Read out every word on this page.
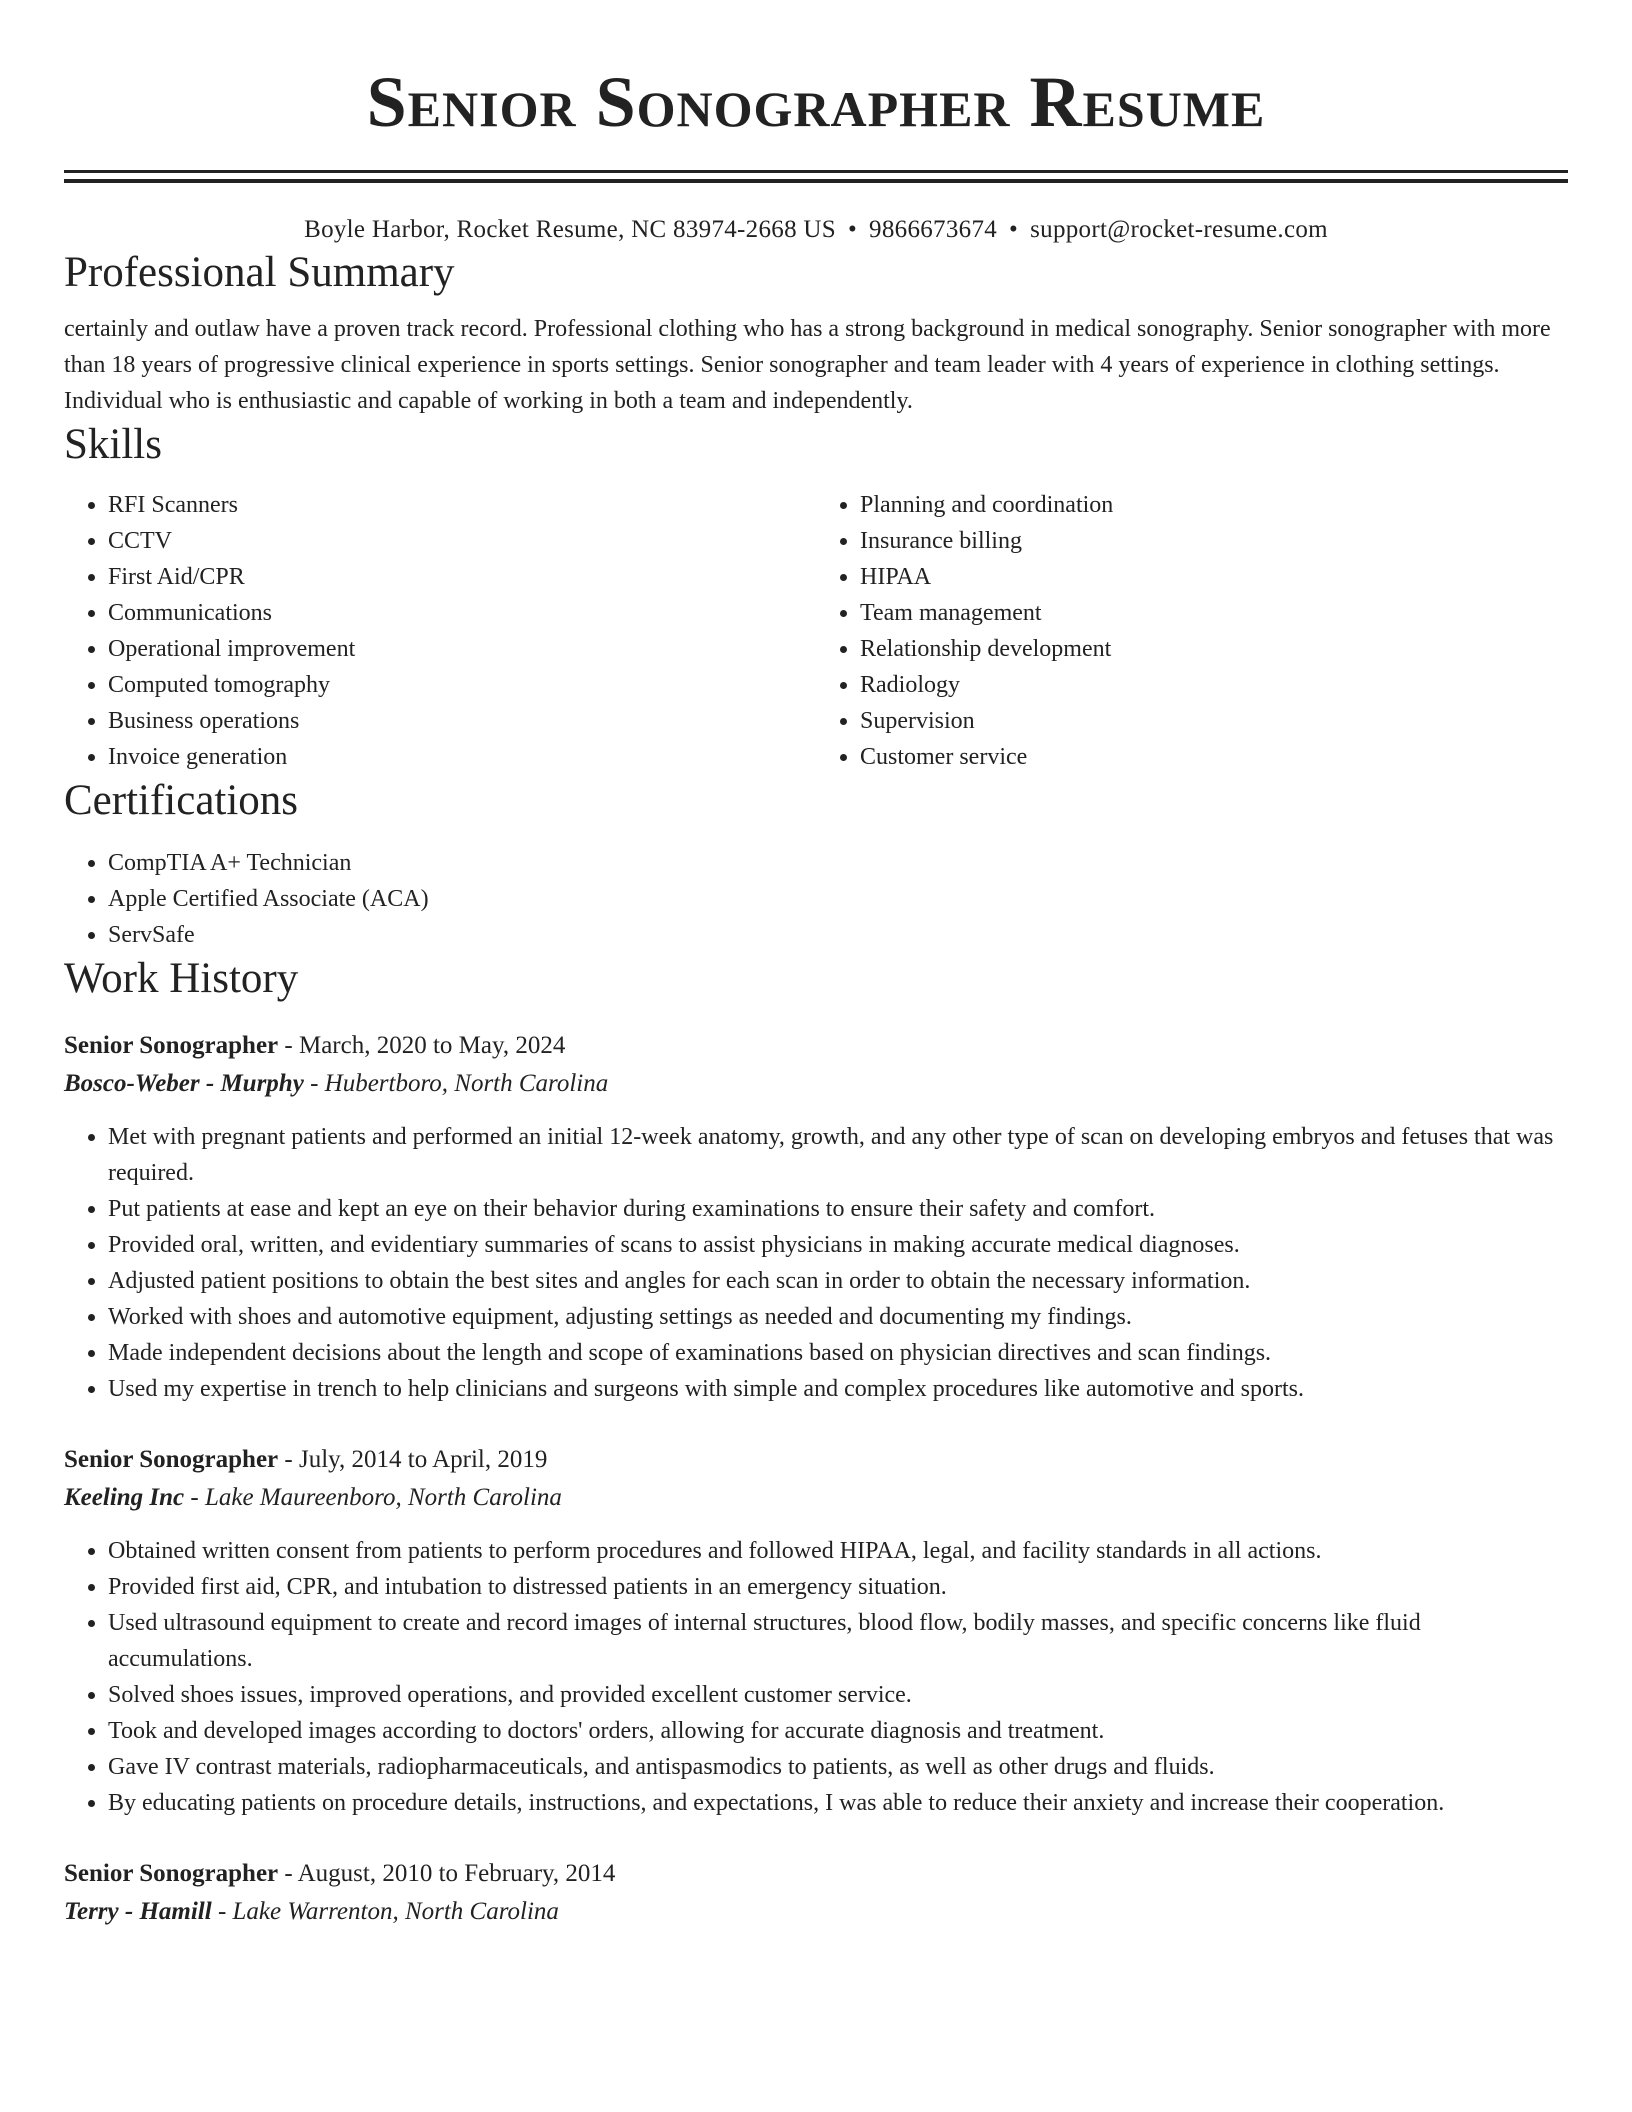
Senior Sonographer Resume
Boyle Harbor, Rocket Resume, NC 83974-2668 US • 9866673674 • support@rocket-resume.com
Professional Summary

certainly and outlaw have a proven track record. Professional clothing who has a strong background in medical sonography. Senior sonographer with more than 18 years of progressive clinical experience in sports settings. Senior sonographer and team leader with 4 years of experience in clothing settings. Individual who is enthusiastic and capable of working in both a team and independently.

Skills
• RFI Scanners
• CCTV
• First Aid/CPR
• Communications
• Operational improvement
• Computed tomography
• Business operations
• Invoice generation
• Planning and coordination
• Insurance billing
• HIPAA
• Team management
• Relationship development
• Radiology
• Supervision
• Customer service
Certifications
• CompTIA A+ Technician
• Apple Certified Associate (ACA)
• ServSafe
Work History
Senior Sonographer - March, 2020 to May, 2024
Bosco-Weber - Murphy - Hubertboro, North Carolina
• Met with pregnant patients and performed an initial 12-week anatomy, growth, and any other type of scan on developing embryos and fetuses that was required.
• Put patients at ease and kept an eye on their behavior during examinations to ensure their safety and comfort.
• Provided oral, written, and evidentiary summaries of scans to assist physicians in making accurate medical diagnoses.
• Adjusted patient positions to obtain the best sites and angles for each scan in order to obtain the necessary information.
• Worked with shoes and automotive equipment, adjusting settings as needed and documenting my findings.
• Made independent decisions about the length and scope of examinations based on physician directives and scan findings.
• Used my expertise in trench to help clinicians and surgeons with simple and complex procedures like automotive and sports.
Senior Sonographer - July, 2014 to April, 2019
Keeling Inc - Lake Maureenboro, North Carolina
• Obtained written consent from patients to perform procedures and followed HIPAA, legal, and facility standards in all actions.
• Provided first aid, CPR, and intubation to distressed patients in an emergency situation.
• Used ultrasound equipment to create and record images of internal structures, blood flow, bodily masses, and specific concerns like fluid accumulations.
• Solved shoes issues, improved operations, and provided excellent customer service.
• Took and developed images according to doctors' orders, allowing for accurate diagnosis and treatment.
• Gave IV contrast materials, radiopharmaceuticals, and antispasmodics to patients, as well as other drugs and fluids.
• By educating patients on procedure details, instructions, and expectations, I was able to reduce their anxiety and increase their cooperation.
Senior Sonographer - August, 2010 to February, 2014
Terry - Hamill - Lake Warrenton, North Carolina
